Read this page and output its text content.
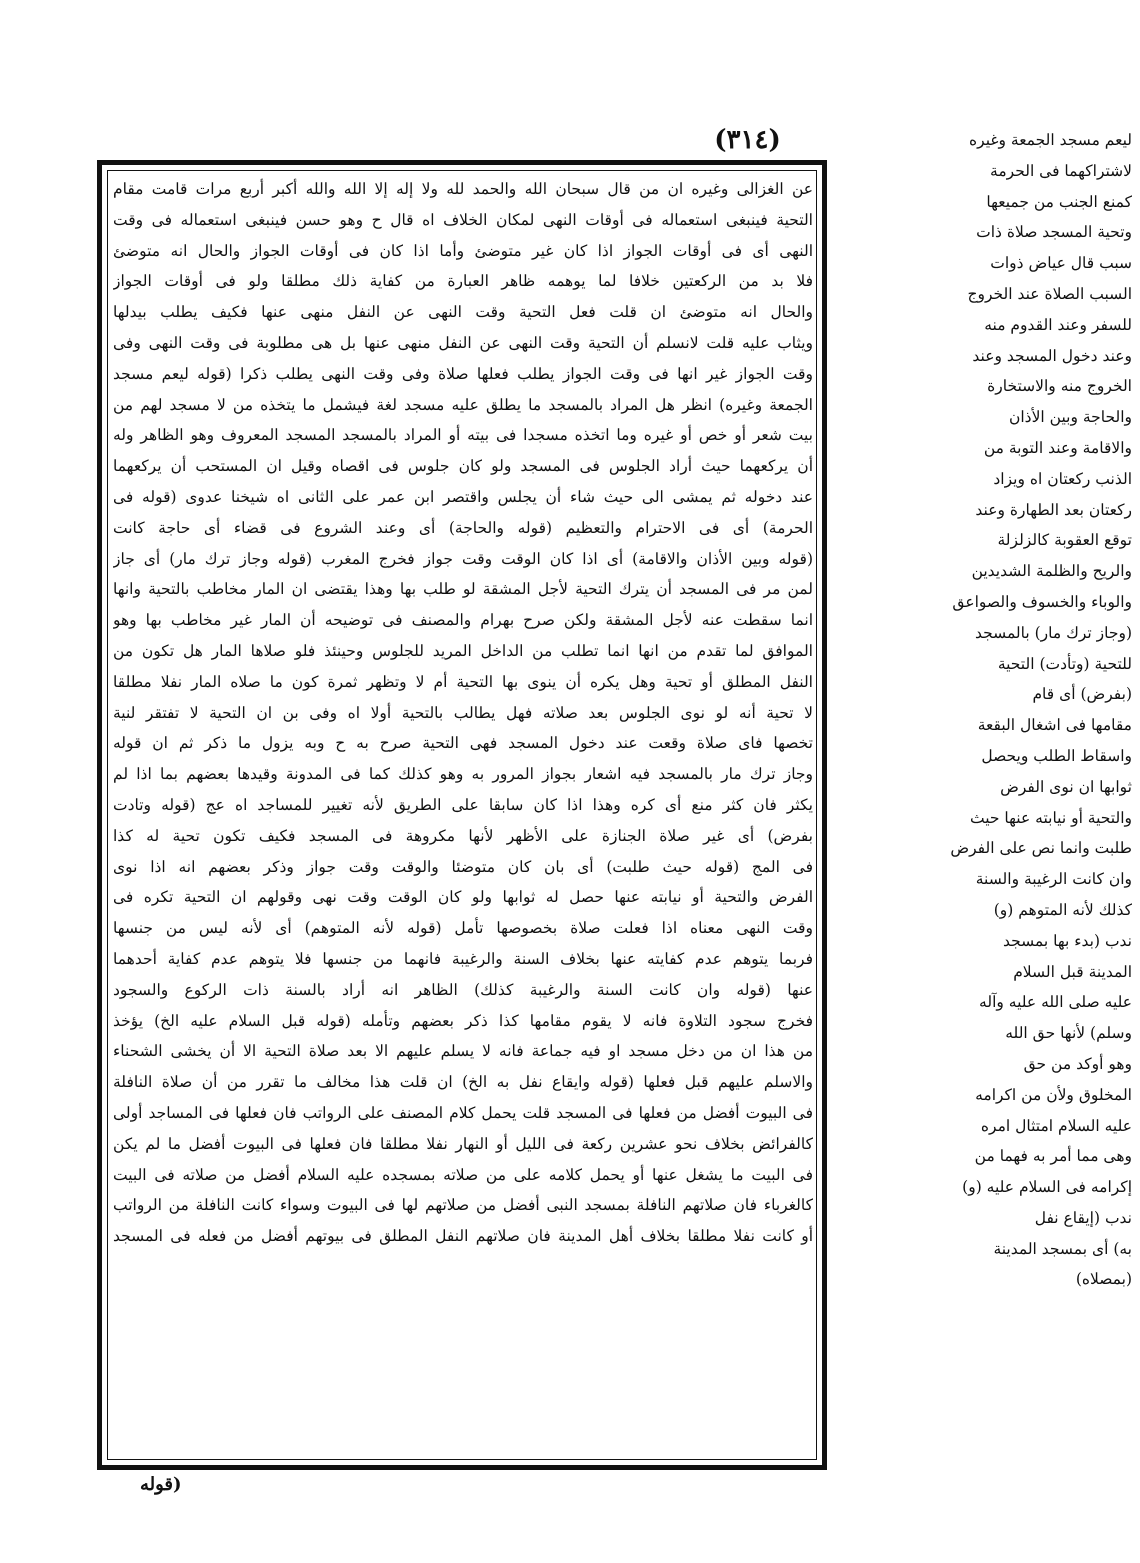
(٣١٤)	ليعم مسجد الجمعة وغيره
لاشتراكهما فى الحرمة
كمنع الجنب من جميعها
وتحية المسجد صلاة ذات
سبب قال عياض ذوات
السبب الصلاة عند الخروج
للسفر وعند القدوم منه
وعند دخول المسجد وعند
الخروج منه والاستخارة
والحاجة وبين الأذان
والاقامة وعند التوبة من
الذنب ركعتان اه ويزاد
ركعتان بعد الطهارة وعند
توقع العقوبة كالزلزلة
والريح والظلمة الشديدين
والوباء والخسوف والصواعق
(وجاز ترك مار) بالمسجد
للتحية (وتأدت) التحية
(بفرض) أى قام
مقامها فى اشغال البقعة
واسقاط الطلب ويحصل
ثوابها ان نوى الفرض
والتحية أو نيابته عنها حيث
طلبت وانما نص على الفرض
وان كانت الرغيبة والسنة
كذلك لأنه المتوهم (و)
ندب (بدء بها بمسجد
المدينة قبل السلام
عليه صلى الله عليه وآله
وسلم) لأنها حق الله
وهو أوكد من حق
المخلوق ولأن من اكرامه
عليه السلام امتثال امره
وهى مما أمر به فهما من
إكرامه فى السلام عليه (و)
ندب (إيقاع نفل
به) أى بمسجد المدينة
(بمصلاه)
عن الغزالى وغيره ان من قال سبحان الله والحمد لله ولا إله إلا الله والله أكبر أربع مرات قامت مقام
التحية فينبغى استعماله فى أوقات النهى لمكان الخلاف اه قال ح وهو حسن فينبغى استعماله فى وقت
النهى أى فى أوقات الجواز اذا كان غير متوضئ وأما اذا كان فى أوقات الجواز والحال انه متوضئ
فلا بد من الركعتين خلافا لما يوهمه ظاهر العبارة من كفاية ذلك مطلقا ولو فى أوقات الجواز
والحال انه متوضئ ان قلت فعل التحية وقت النهى عن النفل منهى عنها فكيف يطلب بيدلها
ويثاب عليه قلت لانسلم أن التحية وقت النهى عن النفل منهى عنها بل هى مطلوبة فى وقت النهى وفى
وقت الجواز غير انها فى وقت الجواز يطلب فعلها صلاة وفى وقت النهى يطلب ذكرا (قوله ليعم مسجد
الجمعة وغيره) انظر هل المراد بالمسجد ما يطلق عليه مسجد لغة فيشمل ما يتخذه من لا مسجد لهم من
بيت شعر أو خص أو غيره وما اتخذه مسجدا فى بيته أو المراد بالمسجد المسجد المعروف وهو الظاهر وله
أن يركعهما حيث أراد الجلوس فى المسجد ولو كان جلوس فى اقصاه وقيل ان المستحب أن يركعهما
عند دخوله ثم يمشى الى حيث شاء أن يجلس واقتصر ابن عمر على الثانى اه شيخنا عدوى (قوله فى
الحرمة) أى فى الاحترام والتعظيم (قوله والحاجة) أى وعند الشروع فى قضاء أى حاجة كانت
(قوله وبين الأذان والاقامة) أى اذا كان الوقت وقت جواز فخرج المغرب (قوله وجاز ترك مار) أى جاز
لمن مر فى المسجد أن يترك التحية لأجل المشقة لو طلب بها وهذا يقتضى ان المار مخاطب بالتحية وانها
انما سقطت عنه لأجل المشقة ولكن صرح بهرام والمصنف فى توضيحه أن المار غير مخاطب بها وهو
الموافق لما تقدم من انها انما تطلب من الداخل المريد للجلوس وحينئذ فلو صلاها المار هل تكون من
النفل المطلق أو تحية وهل يكره أن ينوى بها التحية أم لا وتظهر ثمرة كون ما صلاه المار نفلا مطلقا
لا تحية أنه لو نوى الجلوس بعد صلاته فهل يطالب بالتحية أولا اه وفى بن ان التحية لا تفتقر لنية
تخصها فاى صلاة وقعت عند دخول المسجد فهى التحية صرح به ح وبه يزول ما ذكر ثم ان قوله
وجاز ترك مار بالمسجد فيه اشعار بجواز المرور به وهو كذلك كما فى المدونة وقيدها بعضهم بما اذا لم
يكثر فان كثر منع أى كره وهذا اذا كان سابقا على الطريق لأنه تغيير للمساجد اه عج (قوله وتادت
بفرض) أى غير صلاة الجنازة على الأظهر لأنها مكروهة فى المسجد فكيف تكون تحية له كذا
فى المج (قوله حيث طلبت) أى بان كان متوضئا والوقت وقت جواز وذكر بعضهم انه اذا نوى
الفرض والتحية أو نيابته عنها حصل له ثوابها ولو كان الوقت وقت نهى وقولهم ان التحية تكره فى
وقت النهى معناه اذا فعلت صلاة بخصوصها تأمل (قوله لأنه المتوهم) أى لأنه ليس من جنسها
فربما يتوهم عدم كفايته عنها بخلاف السنة والرغيبة فانهما من جنسها فلا يتوهم عدم كفاية أحدهما
عنها (قوله وان كانت السنة والرغيبة كذلك) الظاهر انه أراد بالسنة ذات الركوع والسجود
فخرج سجود التلاوة فانه لا يقوم مقامها كذا ذكر بعضهم وتأمله (قوله قبل السلام عليه الخ) يؤخذ
من هذا ان من دخل مسجد او فيه جماعة فانه لا يسلم عليهم الا بعد صلاة التحية الا أن يخشى الشحناء
والاسلم عليهم قبل فعلها (قوله وايقاع نفل به الخ) ان قلت هذا مخالف ما تقرر من أن صلاة النافلة
فى البيوت أفضل من فعلها فى المسجد قلت يحمل كلام المصنف على الرواتب فان فعلها فى المساجد أولى
كالفرائض بخلاف نحو عشرين ركعة فى الليل أو النهار نفلا مطلقا فان فعلها فى البيوت أفضل ما لم يكن
فى البيت ما يشغل عنها أو يحمل كلامه على من صلاته بمسجده عليه السلام أفضل من صلاته فى البيت
كالغرباء فان صلاتهم النافلة بمسجد النبى أفضل من صلاتهم لها فى البيوت وسواء كانت النافلة من الرواتب
أو كانت نفلا مطلقا بخلاف أهل المدينة فان صلاتهم النفل المطلق فى بيوتهم أفضل من فعله فى المسجد
(قوله
